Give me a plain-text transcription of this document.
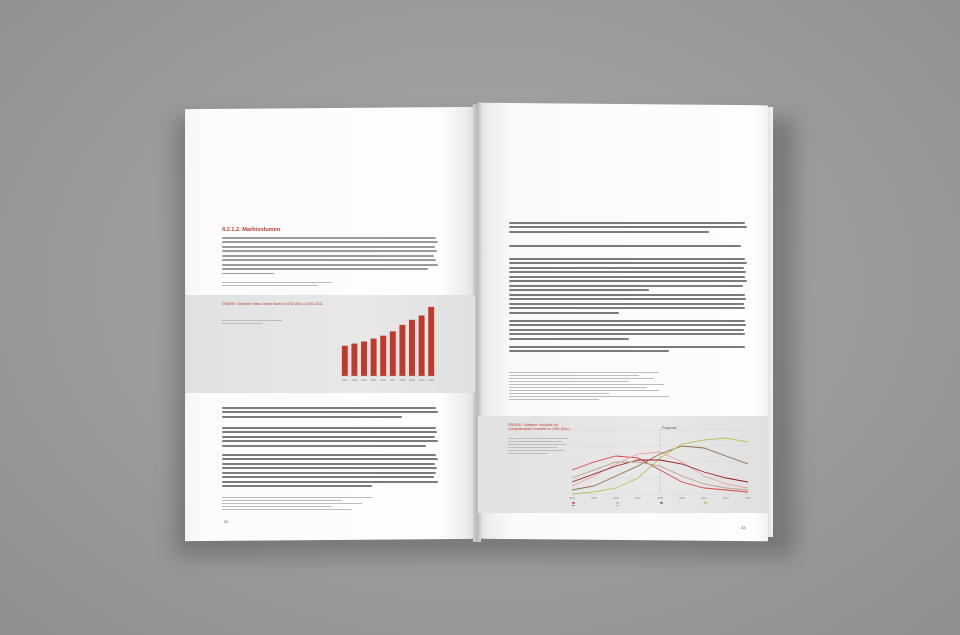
4.2.1.2. Marktvolumen
GRAFIK: Globaler Video Game Markt in USD (Mrd.) 2002-2011
2002 2003 2004 2005 2006 2007 2008 2009 2010 2011
32
GRAFIK: Software Verkäufe für Computerspiel-Konsolen in USD (Mio.)	Prognose
2004	2005	2006	2007	2008	2009	2010	2011	2012
33
